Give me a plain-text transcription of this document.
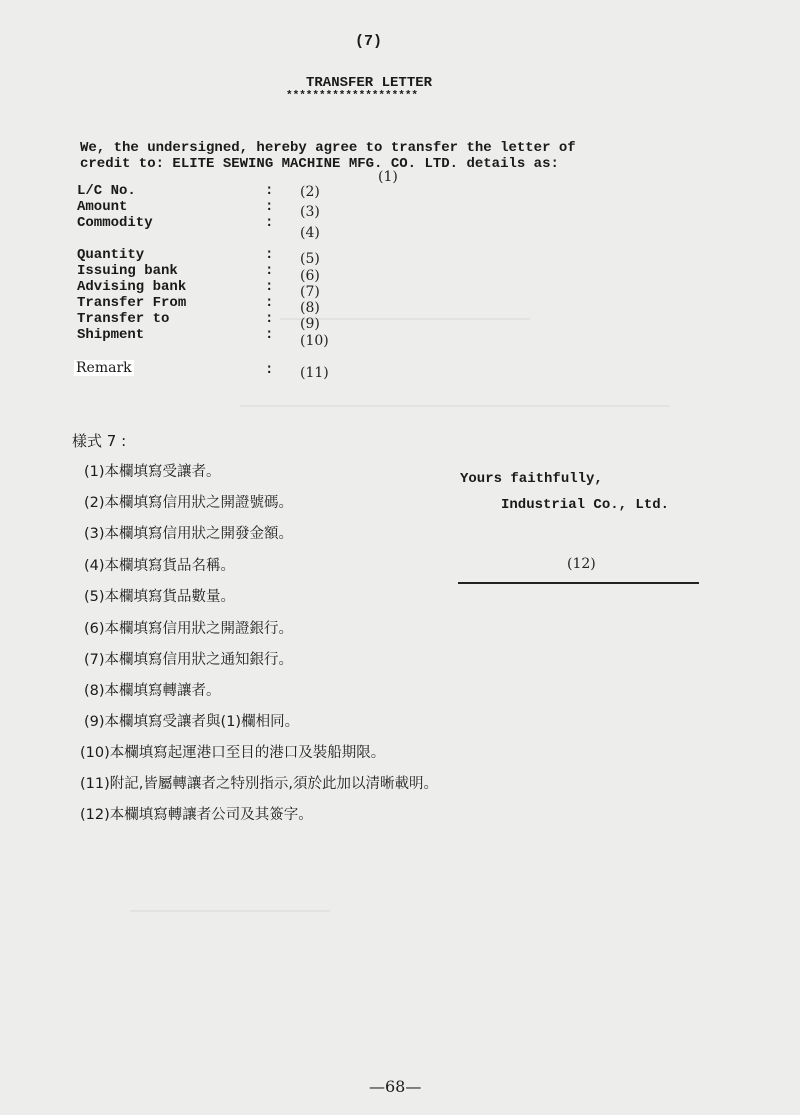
(7)
TRANSFER LETTER
********************
We, the undersigned, hereby agree to transfer the letter of
credit to: ELITE SEWING MACHINE MFG. CO. LTD. details as:
(1)
L/C No.
Amount
Commodity
Quantity
Issuing bank
Advising bank
Transfer From
Transfer to
Shipment
Remark
:
:
:
:
:
:
:
:
:
:
(2)
(3)
(4)
(5)
(6)
(7)
(8)
(9)
(10)
(11)
樣式 7 :
(1)本欄填寫受讓者。
(2)本欄填寫信用狀之開證號碼。
(3)本欄填寫信用狀之開發金額。
(4)本欄填寫貨品名稱。
(5)本欄填寫貨品數量。
(6)本欄填寫信用狀之開證銀行。
(7)本欄填寫信用狀之通知銀行。
(8)本欄填寫轉讓者。
(9)本欄填寫受讓者與(1)欄相同。
(10)本欄填寫起運港口至目的港口及裝船期限。
(11)附記,皆屬轉讓者之特別指示,須於此加以清晰載明。
(12)本欄填寫轉讓者公司及其簽字。
Yours faithfully,
Industrial Co., Ltd.
(12)
—68—
